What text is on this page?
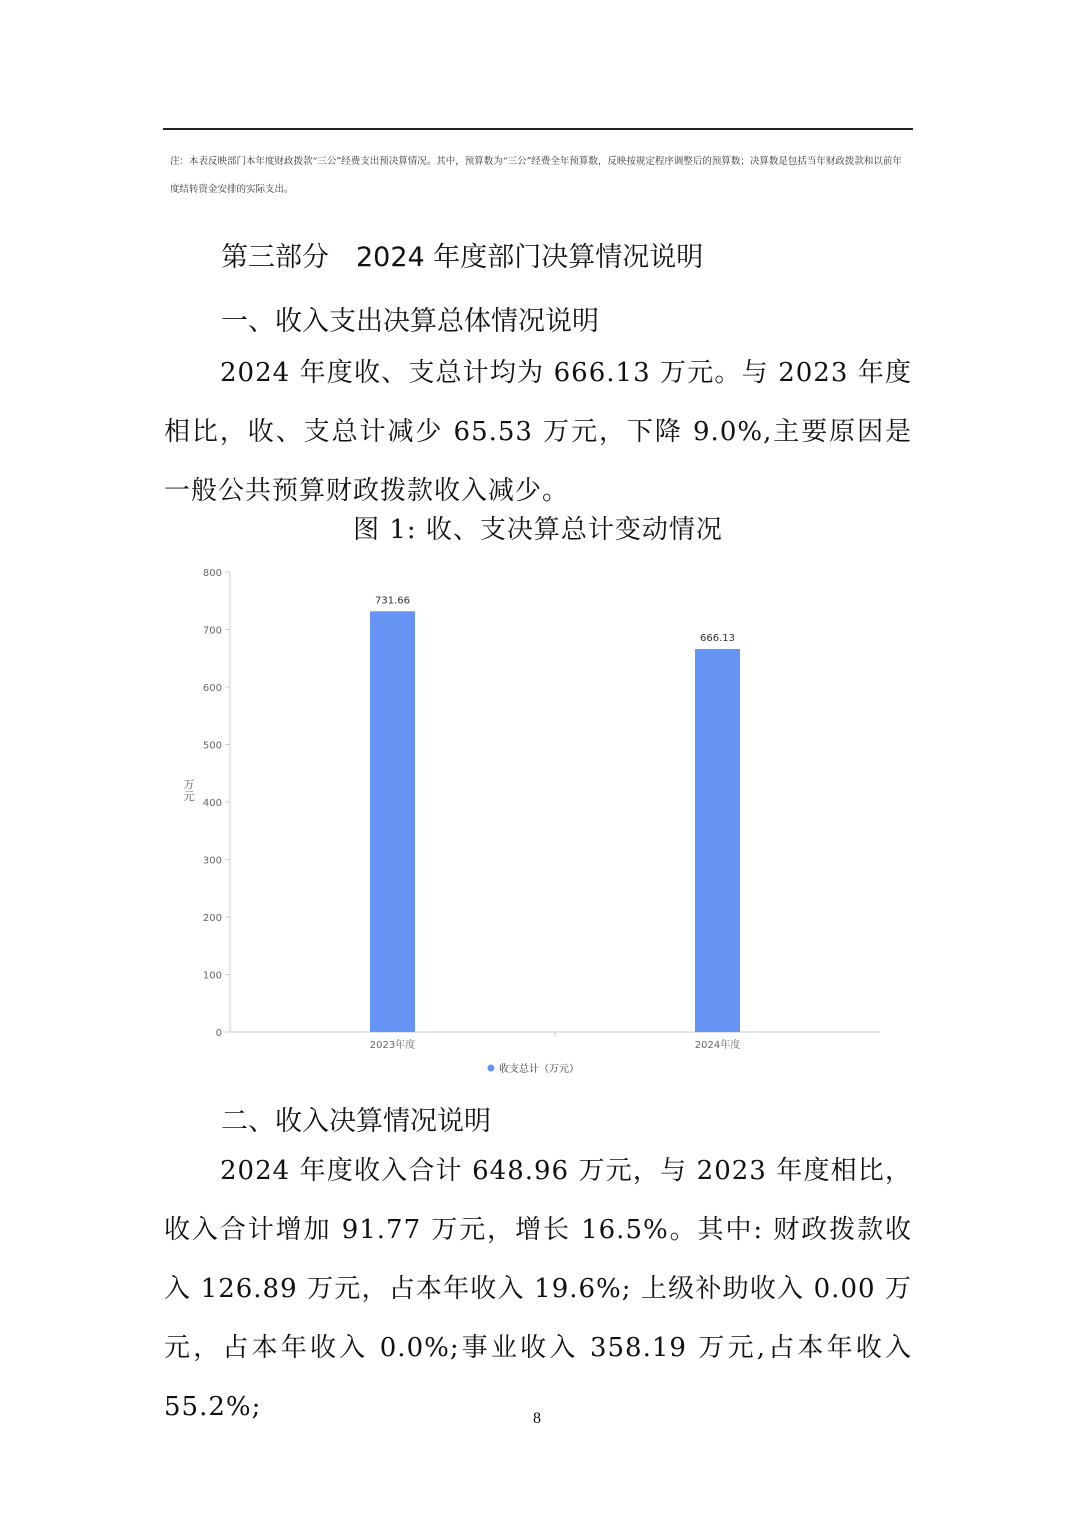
注：本表反映部门本年度财政拨款“三公”经费支出预决算情况。其中，预算数为“三公”经费全年预算数，反映按规定程序调整后的预算数；决算数是包括当年财政拨款和以前年度结转资金安排的实际支出。
第三部分　2024 年度部门决算情况说明
一、收入支出决算总体情况说明
2024 年度收、支总计均为 666.13 万元。与 2023 年度相比，收、支总计减少 65.53 万元，下降 9.0%,主要原因是一般公共预算财政拨款收入减少。
图 1: 收、支决算总计变动情况
0
100
200
300
400
500
600
700
800
万
元
731.66
2023年度
666.13
2024年度
收支总计（万元）
二、收入决算情况说明
2024 年度收入合计 648.96 万元，与 2023 年度相比，收入合计增加 91.77 万元，增长 16.5%。其中: 财政拨款收入 126.89 万元，占本年收入 19.6%; 上级补助收入 0.00 万元，占本年收入 0.0%;事业收入 358.19 万元,占本年收入 55.2%;	8
